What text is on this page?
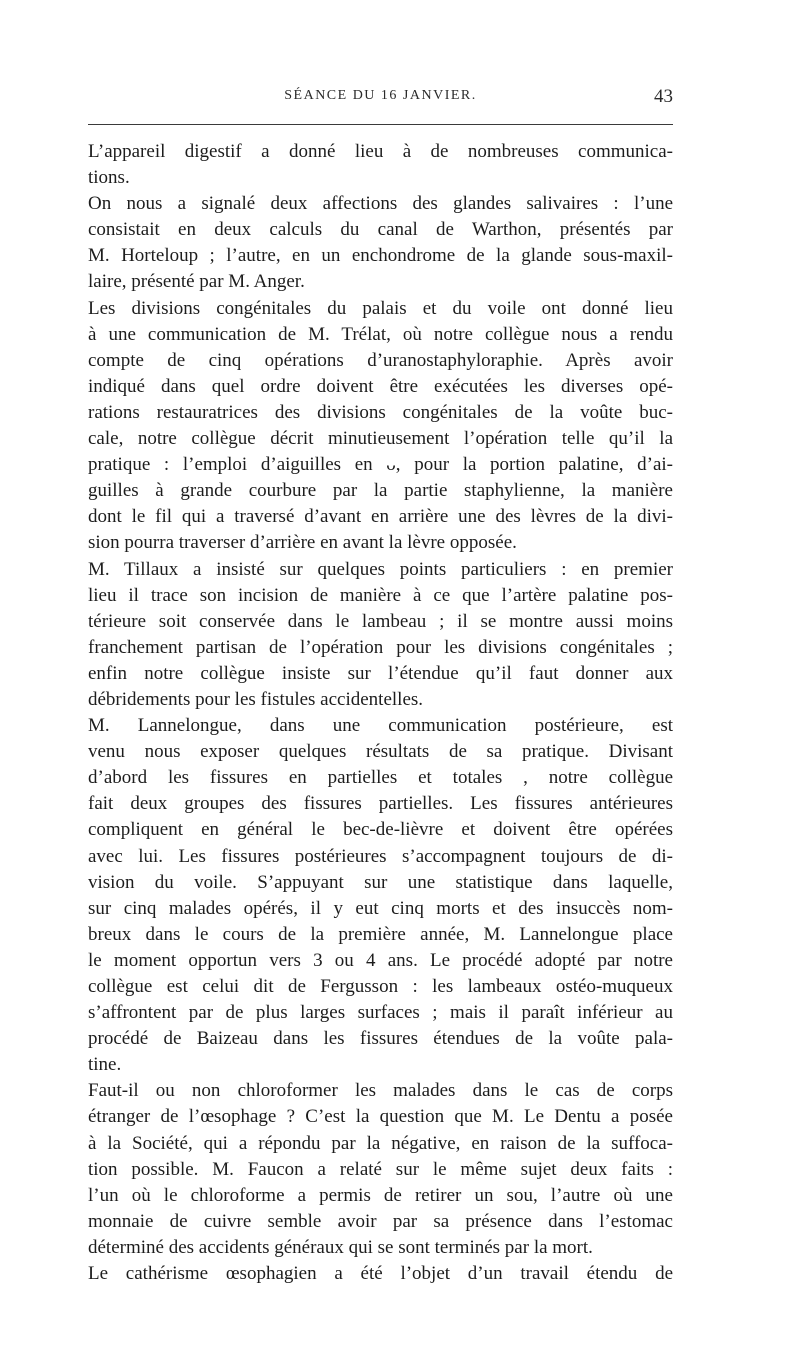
SÉANCE DU 16 JANVIER.	43

L’appareil digestif a donné lieu à de nombreuses communica-
tions.

On nous a signalé deux affections des glandes salivaires : l’une
consistait en deux calculs du canal de Warthon, présentés par
M. Horteloup ; l’autre, en un enchondrome de la glande sous-maxil-
laire, présenté par M. Anger.

Les divisions congénitales du palais et du voile ont donné lieu
à une communication de M. Trélat, où notre collègue nous a rendu
compte de cinq opérations d’uranostaphyloraphie. Après avoir
indiqué dans quel ordre doivent être exécutées les diverses opé-
rations restauratrices des divisions congénitales de la voûte buc-
cale, notre collègue décrit minutieusement l’opération telle qu’il la
pratique : l’emploi d’aiguilles en ᴗ, pour la portion palatine, d’ai-
guilles à grande courbure par la partie staphylienne, la manière
dont le fil qui a traversé d’avant en arrière une des lèvres de la divi-
sion pourra traverser d’arrière en avant la lèvre opposée.

M. Tillaux a insisté sur quelques points particuliers : en premier
lieu il trace son incision de manière à ce que l’artère palatine pos-
térieure soit conservée dans le lambeau ; il se montre aussi moins
franchement partisan de l’opération pour les divisions congénitales ;
enfin notre collègue insiste sur l’étendue qu’il faut donner aux
débridements pour les fistules accidentelles.

M. Lannelongue, dans une communication postérieure, est
venu nous exposer quelques résultats de sa pratique. Divisant
d’abord les fissures en partielles et totales , notre collègue
fait deux groupes des fissures partielles. Les fissures antérieures
compliquent en général le bec-de-lièvre et doivent être opérées
avec lui. Les fissures postérieures s’accompagnent toujours de di-
vision du voile. S’appuyant sur une statistique dans laquelle,
sur cinq malades opérés, il y eut cinq morts et des insuccès nom-
breux dans le cours de la première année, M. Lannelongue place
le moment opportun vers 3 ou 4 ans. Le procédé adopté par notre
collègue est celui dit de Fergusson : les lambeaux ostéo-muqueux
s’affrontent par de plus larges surfaces ; mais il paraît inférieur au
procédé de Baizeau dans les fissures étendues de la voûte pala-
tine.

Faut-il ou non chloroformer les malades dans le cas de corps
étranger de l’œsophage ? C’est la question que M. Le Dentu a posée
à la Société, qui a répondu par la négative, en raison de la suffoca-
tion possible. M. Faucon a relaté sur le même sujet deux faits :
l’un où le chloroforme a permis de retirer un sou, l’autre où une
monnaie de cuivre semble avoir par sa présence dans l’estomac
déterminé des accidents généraux qui se sont terminés par la mort.

Le cathérisme œsophagien a été l’objet d’un travail étendu de
